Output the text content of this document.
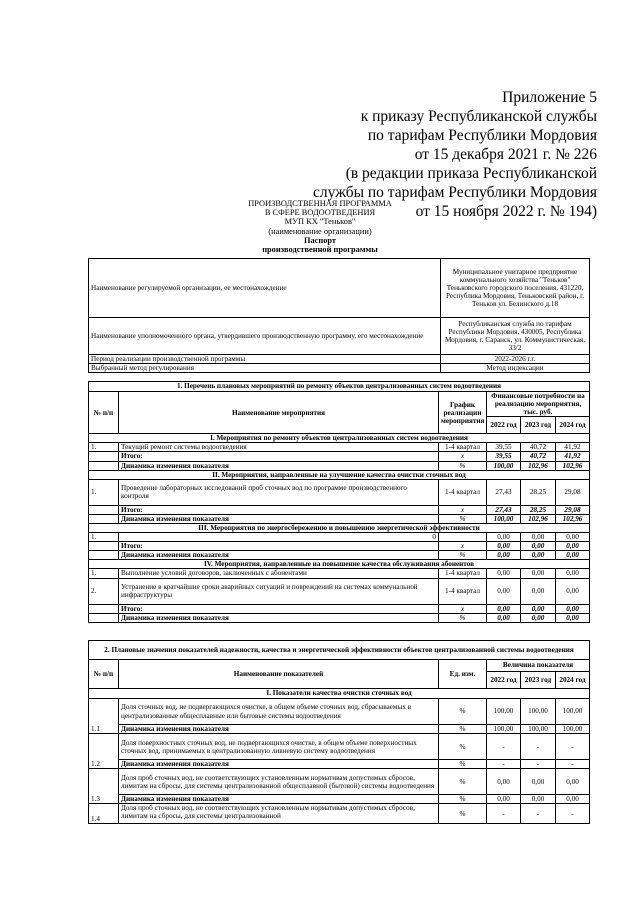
Приложение 5
к приказу Республиканской службы
по тарифам Республики Мордовия
от 15 декабря 2021 г. № 226
(в редакции приказа Республиканской
службы по тарифам Республики Мордовия
от 15 ноября 2022 г. № 194)
ПРОИЗВОДСТВЕННАЯ ПРОГРАММА
В СФЕРЕ ВОДООТВЕДЕНИЯ
МУП КХ "Теньков"
(наименование организации)
Паспорт
производственной программы
Наименование регулируемой организации, ее местонахождение	Муниципальное унитарное предприятие коммунального хозяйства "Теньков" Теньковского городского поселения, 431220, Республика Мордовия, Теньковский район, г. Теньков ул. Белинского д.18
Наименование уполномоченного органа, утвердившего производственную программу, его местонахождение	Республиканская служба по тарифам Республики Мордовия, 430005, Республика Мордовия, г. Саранск, ул. Коммунистическая, 33/2
Период реализации производственной программы	2022-2026 г.г.
Выбранный метод регулирования	Метод индексации
1. Перечень плановых мероприятий по ремонту объектов централизованных систем водоотведения					
№ п/п	Наименование мероприятия	График реализации мероприятия	Финансовые потребности на реализацию мероприятия, тыс. руб.		
			2022 год	2023 год	2024 год
I. Мероприятия по ремонту объектов централизованных систем водоотведения					
1.	Текущий ремонт системы водоотведения	1-4 квартал	39,55	40,72	41,92
	Итого:	x	39,55	40,72	41,92
	Динамика изменения показателя	%	100,00	102,96	102,96
II. Мероприятия, направленные на улучшение качества очистки сточных вод					
1.	Проведение лабораторных исследований проб сточных вод по программе производственного контроля	1-4 квартал	27,43	28,25	29,08
	Итого:	x	27,43	28,25	29,08
	Динамика изменения показателя	%	100,00	102,96	102,96
III. Мероприятия по энергосбережению и повышению энергетической эффективности					
1.	0		0,00	0,00	0,00
	Итого:	x	0,00	0,00	0,00
	Динамика изменения показателя	%	0,00	0,00	0,00
IV. Мероприятия, направленные на повышение качества обслуживания абонентов					
1.	Выполнение условий договоров, заключенных с абонентами	1-4 квартал	0,00	0,00	0,00
2.	Устранение в кратчайшие сроки аварийных ситуаций и повреждений на системах коммунальной инфраструктуры	1-4 квартал	0,00	0,00	0,00
	Итого:	x	0,00	0,00	0,00
	Динамика изменения показателя	%	0,00	0,00	0,00
2. Плановые значения показателей надежности, качества и энергетической эффективности объектов централизованной системы водоотведения					
№ п/п	Наименование показателей	Ед. изм.	Величина показателя		
			2022 год	2023 год	2024 год
I. Показатели качества очистки сточных вод					
1.1	Доля сточных вод, не подвергающихся очистке, в общем объеме сточных вод, сбрасываемых в централизованные общесплавные или бытовые системы водоотведения	%	100,00	100,00	100,00
	Динамика изменения показателя	%	100,00	100,00	100,00
1.2	Доля поверхностных сточных вод, не подвергающихся очистке, в общем объеме поверхностных сточных вод, принимаемых в централизованную ливневую систему водоотведения	%	-	-	-
	Динамика изменения показателя	%	-	-	-
1.3	Доля проб сточных вод, не соответствующих установленным нормативам допустимых сбросов, лимитам на сбросы, для системы централизованной общесплавной (бытовой) системы водоотведения	%	0,00	0,00	0,00
	Динамика изменения показателя	%	0,00	0,00	0,00
1.4	Доля проб сточных вод, не соответствующих установленным нормативам допустимых сбросов, лимитам на сбросы, для системы централизованной	%	-	-	-
